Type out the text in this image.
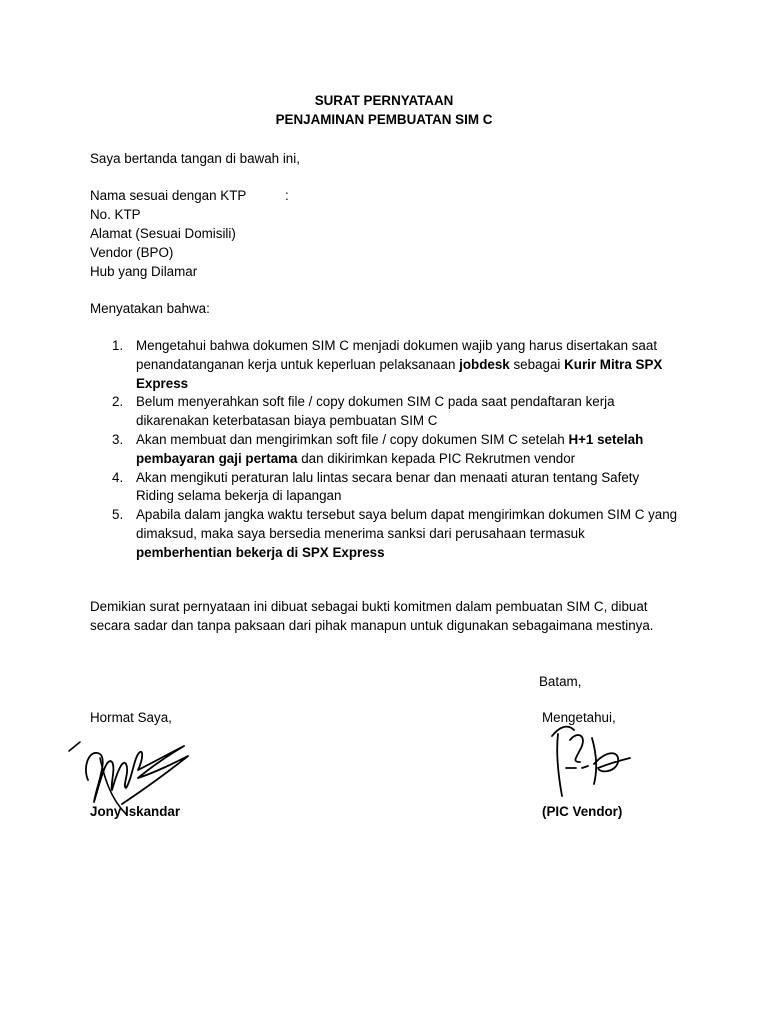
SURAT PERNYATAAN
PENJAMINAN PEMBUATAN SIM C
Saya bertanda tangan di bawah ini,
Nama sesuai dengan KTP	:
No. KTP
Alamat (Sesuai Domisili)
Vendor (BPO)
Hub yang Dilamar
Menyatakan bahwa:
1. Mengetahui bahwa dokumen SIM C menjadi dokumen wajib yang harus disertakan saat penandatanganan kerja untuk keperluan pelaksanaan jobdesk sebagai Kurir Mitra SPX Express
2. Belum menyerahkan soft file / copy dokumen SIM C pada saat pendaftaran kerja dikarenakan keterbatasan biaya pembuatan SIM C
3. Akan membuat dan mengirimkan soft file / copy dokumen SIM C setelah H+1 setelah pembayaran gaji pertama dan dikirimkan kepada PIC Rekrutmen vendor
4. Akan mengikuti peraturan lalu lintas secara benar dan menaati aturan tentang Safety Riding selama bekerja di lapangan
5. Apabila dalam jangka waktu tersebut saya belum dapat mengirimkan dokumen SIM C yang dimaksud, maka saya bersedia menerima sanksi dari perusahaan termasuk pemberhentian bekerja di SPX Express
Demikian surat pernyataan ini dibuat sebagai bukti komitmen dalam pembuatan SIM C, dibuat secara sadar dan tanpa paksaan dari pihak manapun untuk digunakan sebagaimana mestinya.
Batam,
Hormat Saya,	Mengetahui,
Jony Iskandar	(PIC Vendor)
